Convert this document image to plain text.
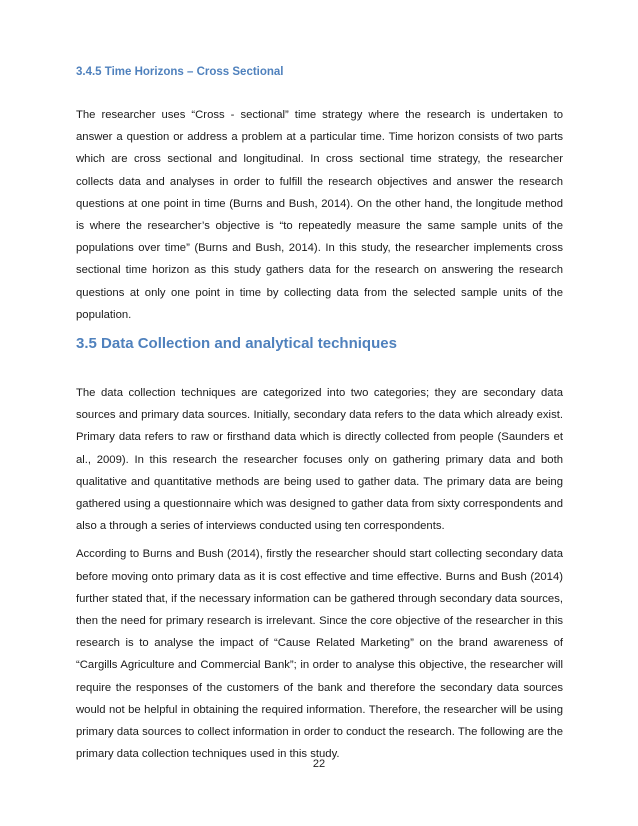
3.4.5 Time Horizons – Cross Sectional

The researcher uses “Cross - sectional” time strategy where the research is undertaken to answer a question or address a problem at a particular time. Time horizon consists of two parts which are cross sectional and longitudinal. In cross sectional time strategy, the researcher collects data and analyses in order to fulfill the research objectives and answer the research questions at one point in time (Burns and Bush, 2014). On the other hand, the longitude method is where the researcher’s objective is “to repeatedly measure the same sample units of the populations over time” (Burns and Bush, 2014). In this study, the researcher implements cross sectional time horizon as this study gathers data for the research on answering the research questions at only one point in time by collecting data from the selected sample units of the population.

3.5 Data Collection and analytical techniques

The data collection techniques are categorized into two categories; they are secondary data sources and primary data sources. Initially, secondary data refers to the data which already exist. Primary data refers to raw or firsthand data which is directly collected from people (Saunders et al., 2009). In this research the researcher focuses only on gathering primary data and both qualitative and quantitative methods are being used to gather data. The primary data are being gathered using a questionnaire which was designed to gather data from sixty correspondents and also a through a series of interviews conducted using ten correspondents.

According to Burns and Bush (2014), firstly the researcher should start collecting secondary data before moving onto primary data as it is cost effective and time effective. Burns and Bush (2014) further stated that, if the necessary information can be gathered through secondary data sources, then the need for primary research is irrelevant. Since the core objective of the researcher in this research is to analyse the impact of “Cause Related Marketing” on the brand awareness of “Cargills Agriculture and Commercial Bank”; in order to analyse this objective, the researcher will require the responses of the customers of the bank and therefore the secondary data sources would not be helpful in obtaining the required information. Therefore, the researcher will be using primary data sources to collect information in order to conduct the research. The following are the primary data collection techniques used in this study.

22
